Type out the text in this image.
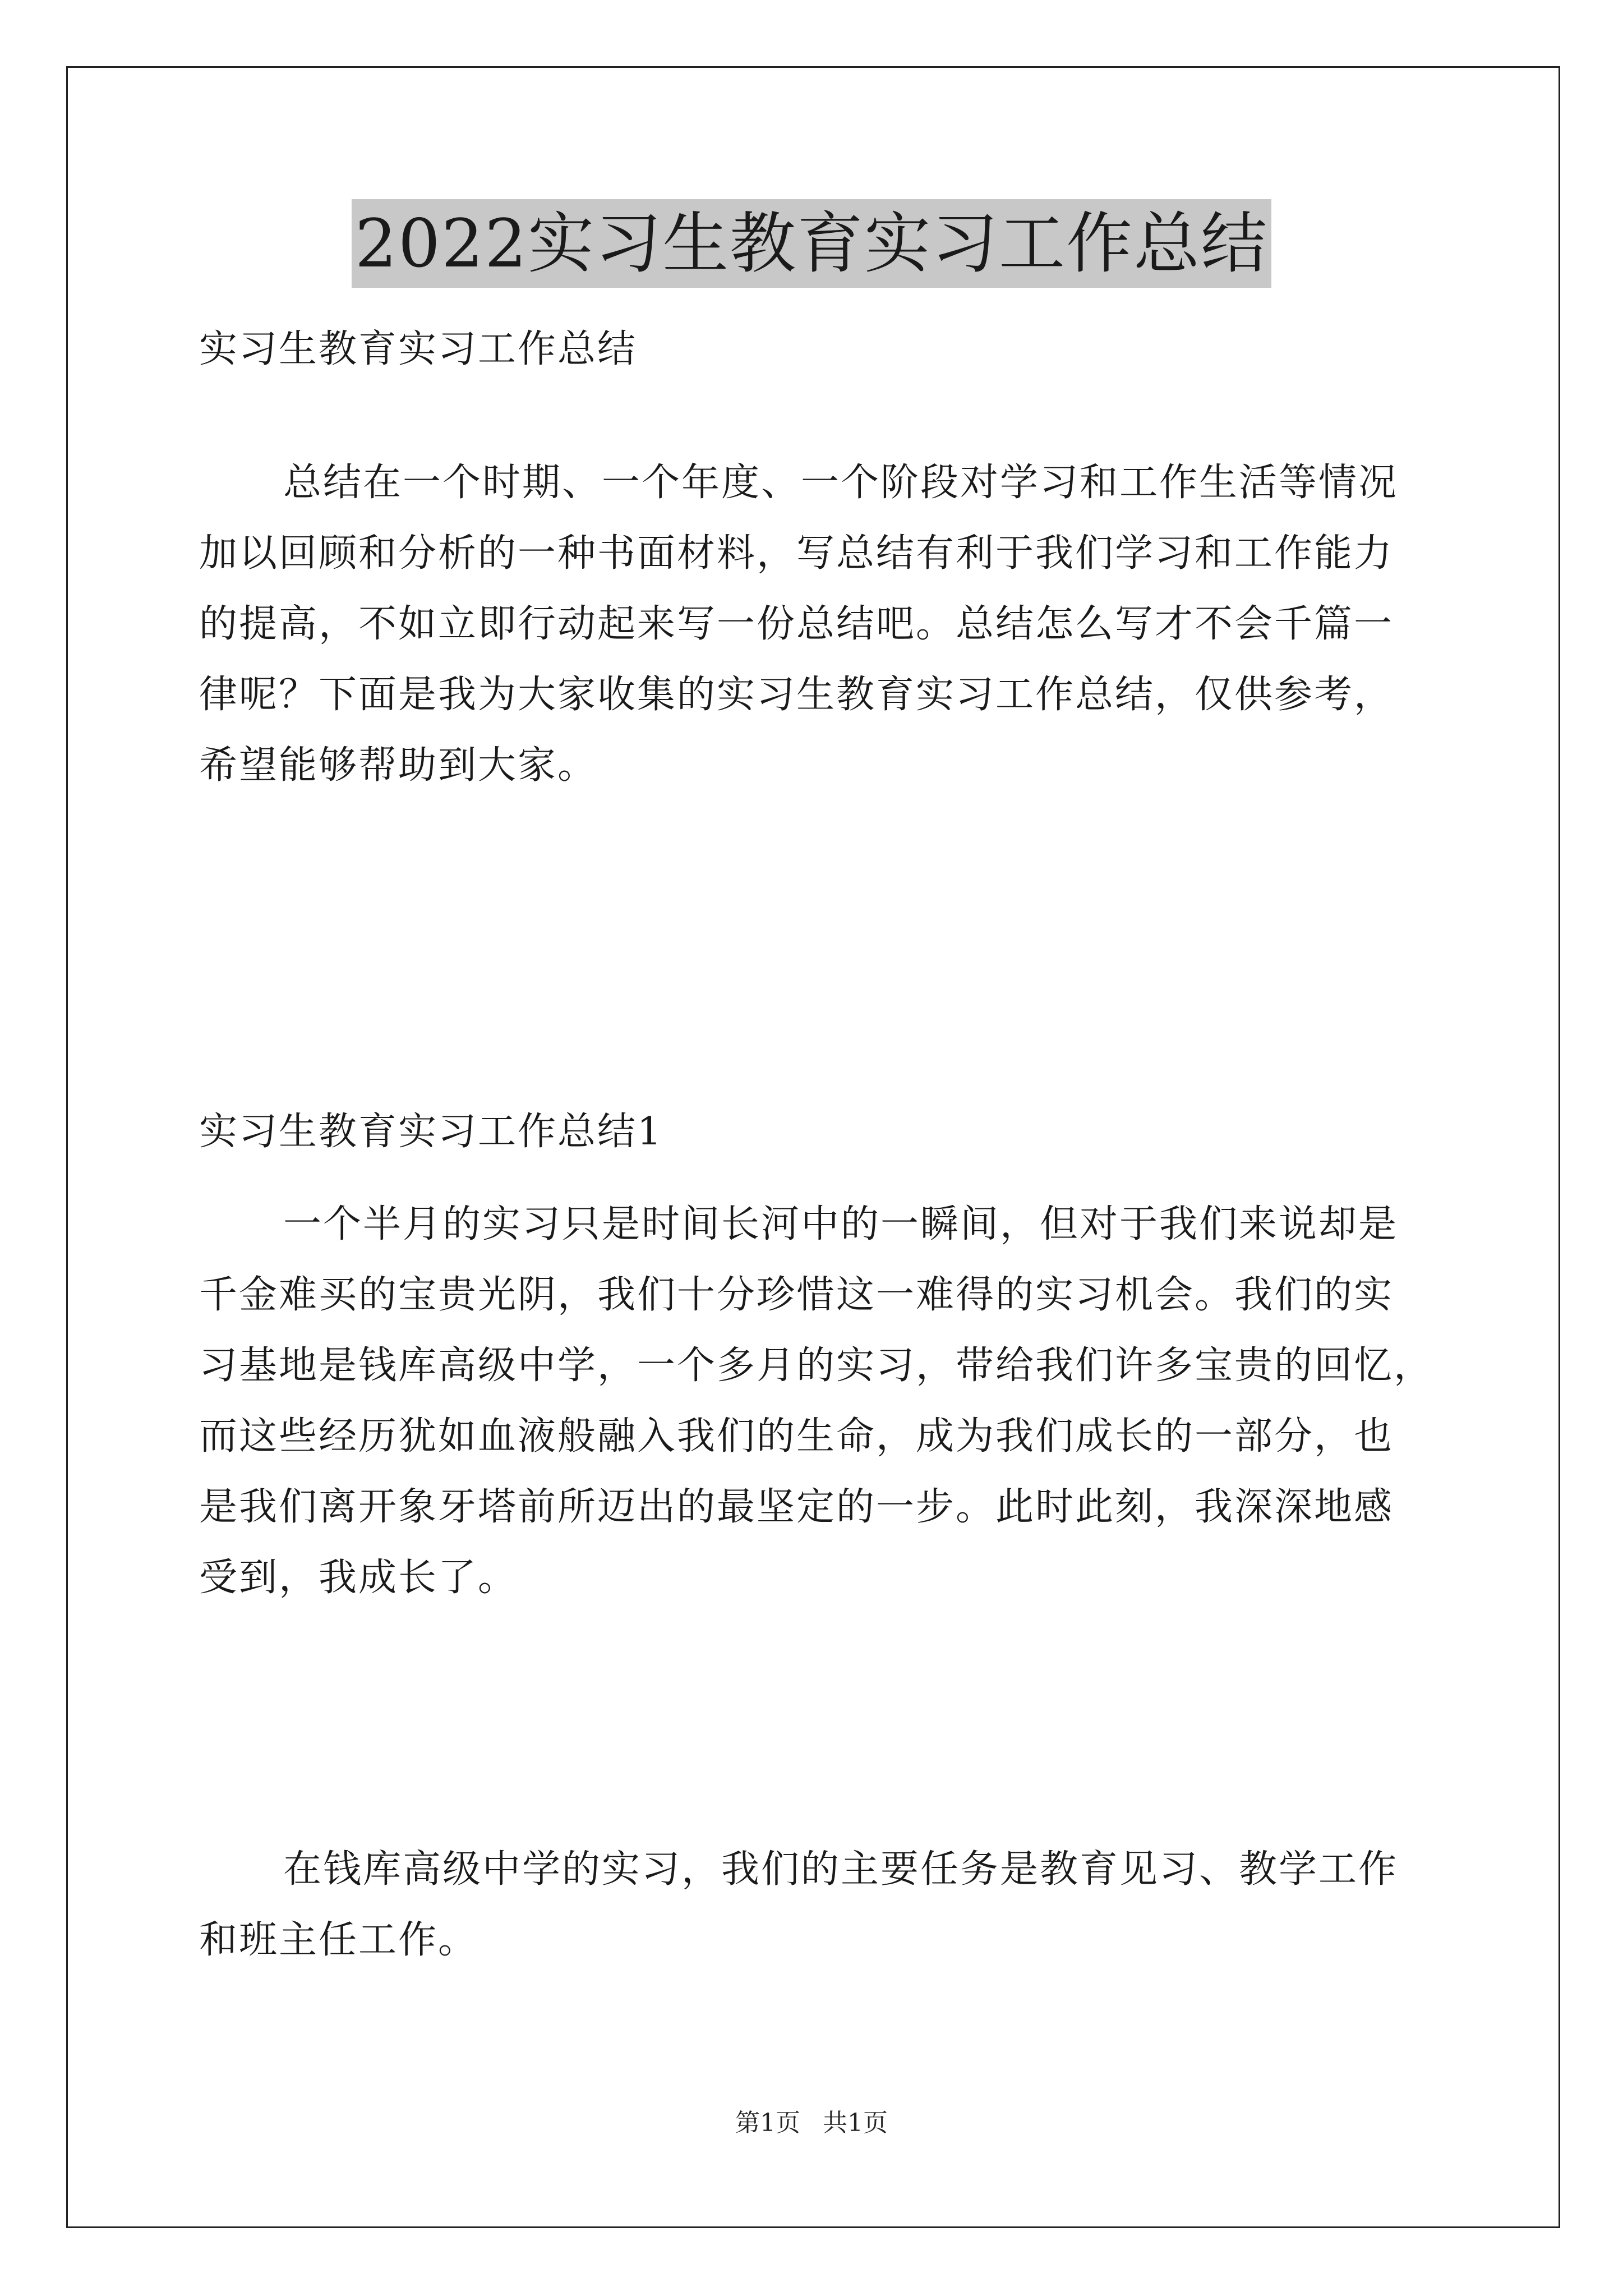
2022实习生教育实习工作总结
实习生教育实习工作总结
总结在一个时期、一个年度、一个阶段对学习和工作生活等情况
加以回顾和分析的一种书面材料，写总结有利于我们学习和工作能力
的提高，不如立即行动起来写一份总结吧。总结怎么写才不会千篇一
律呢？下面是我为大家收集的实习生教育实习工作总结，仅供参考，
希望能够帮助到大家。
实习生教育实习工作总结1
一个半月的实习只是时间长河中的一瞬间，但对于我们来说却是
千金难买的宝贵光阴，我们十分珍惜这一难得的实习机会。我们的实
习基地是钱库高级中学，一个多月的实习，带给我们许多宝贵的回忆，
而这些经历犹如血液般融入我们的生命，成为我们成长的一部分，也
是我们离开象牙塔前所迈出的最坚定的一步。此时此刻，我深深地感
受到，我成长了。
在钱库高级中学的实习，我们的主要任务是教育见习、教学工作
和班主任工作。
第1页 共1页
